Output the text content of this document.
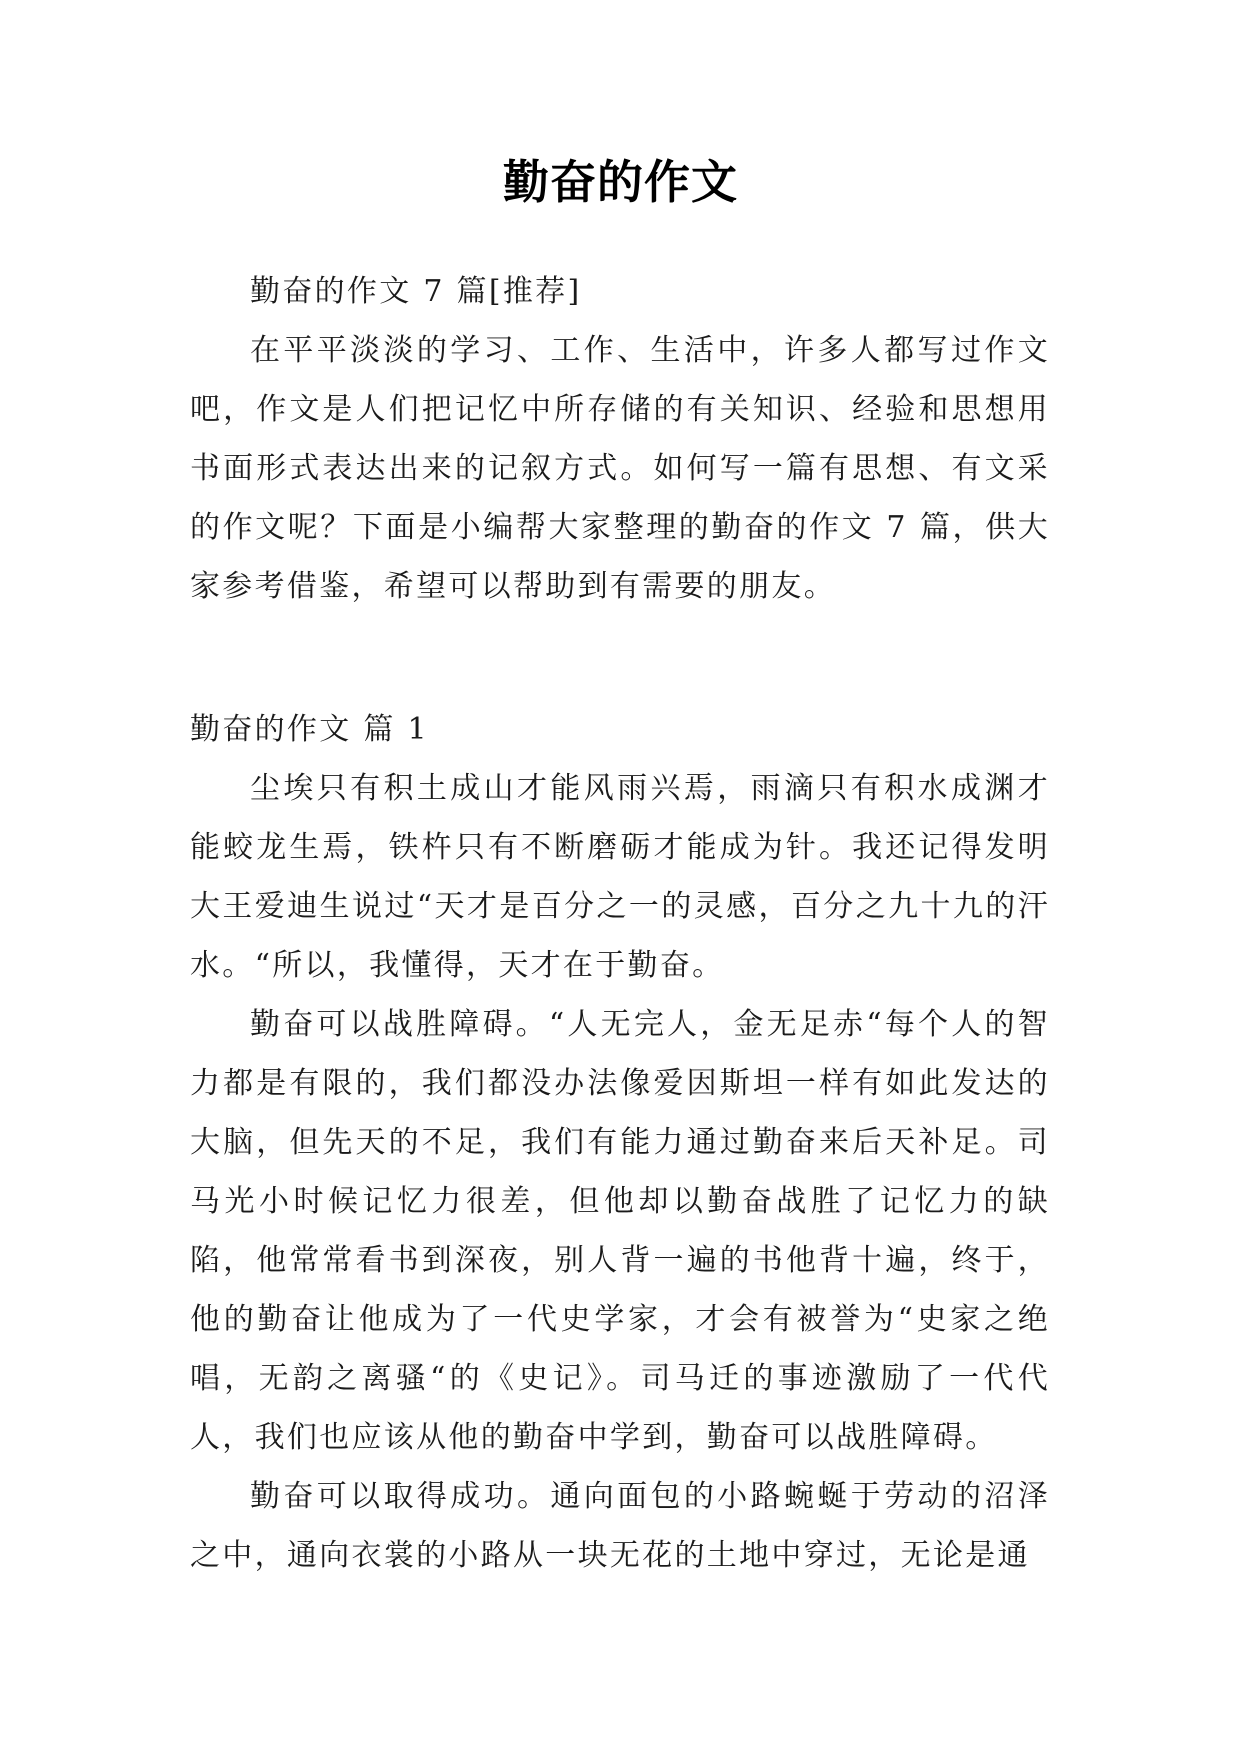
勤奋的作文
勤奋的作文 7 篇[推荐]

在平平淡淡的学习、工作、生活中，许多人都写过作文吧，作文是人们把记忆中所存储的有关知识、经验和思想用书面形式表达出来的记叙方式。如何写一篇有思想、有文采的作文呢？下面是小编帮大家整理的勤奋的作文 7 篇，供大家参考借鉴，希望可以帮助到有需要的朋友。

勤奋的作文 篇 1

尘埃只有积土成山才能风雨兴焉，雨滴只有积水成渊才能蛟龙生焉，铁杵只有不断磨砺才能成为针。我还记得发明大王爱迪生说过“天才是百分之一的灵感，百分之九十九的汗水。“所以，我懂得，天才在于勤奋。

勤奋可以战胜障碍。“人无完人，金无足赤“每个人的智力都是有限的，我们都没办法像爱因斯坦一样有如此发达的大脑，但先天的不足，我们有能力通过勤奋来后天补足。司马光小时候记忆力很差，但他却以勤奋战胜了记忆力的缺陷，他常常看书到深夜，别人背一遍的书他背十遍，终于，他的勤奋让他成为了一代史学家，才会有被誉为“史家之绝唱，无韵之离骚“的《史记》。司马迁的事迹激励了一代代人，我们也应该从他的勤奋中学到，勤奋可以战胜障碍。

勤奋可以取得成功。通向面包的小路蜿蜒于劳动的沼泽之中，通向衣裳的小路从一块无花的土地中穿过，无论是通
